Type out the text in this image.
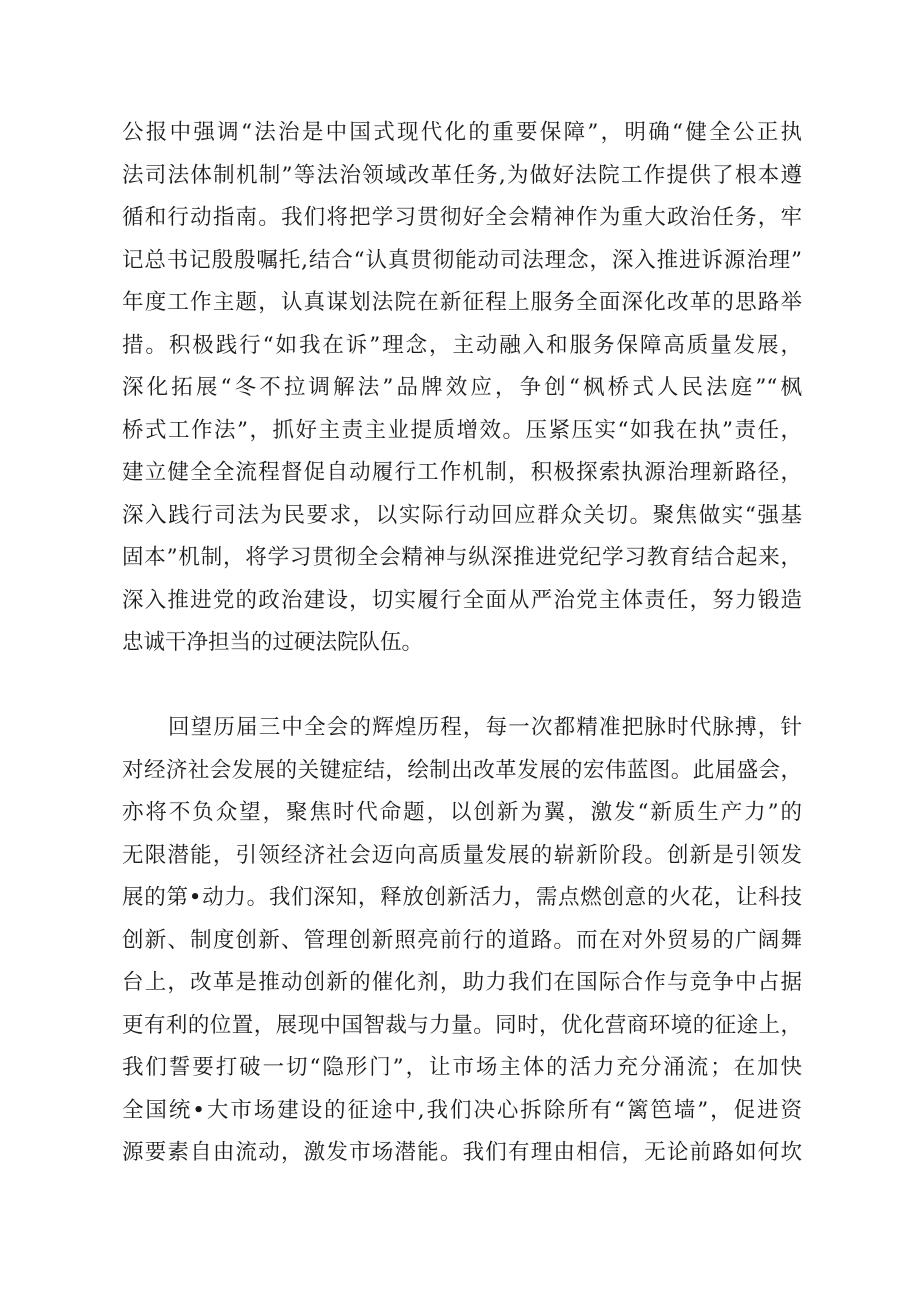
公报中强调“法治是中国式现代化的重要保障”，明确“健全公正执
法司法体制机制”等法治领域改革任务,为做好法院工作提供了根本遵
循和行动指南。我们将把学习贯彻好全会精神作为重大政治任务，牢
记总书记殷殷嘱托,结合“认真贯彻能动司法理念，深入推进诉源治理”
年度工作主题，认真谋划法院在新征程上服务全面深化改革的思路举
措。积极践行“如我在诉”理念，主动融入和服务保障高质量发展，
深化拓展“冬不拉调解法”品牌效应，争创“枫桥式人民法庭”“枫
桥式工作法”，抓好主责主业提质增效。压紧压实“如我在执”责任，
建立健全全流程督促自动履行工作机制，积极探索执源治理新路径，
深入践行司法为民要求，以实际行动回应群众关切。聚焦做实“强基
固本”机制，将学习贯彻全会精神与纵深推进党纪学习教育结合起来，
深入推进党的政治建设，切实履行全面从严治党主体责任，努力锻造
忠诚干净担当的过硬法院队伍。
回望历届三中全会的辉煌历程，每一次都精准把脉时代脉搏，针
对经济社会发展的关键症结，绘制出改革发展的宏伟蓝图。此届盛会，
亦将不负众望，聚焦时代命题，以创新为翼，激发“新质生产力”的
无限潜能，引领经济社会迈向高质量发展的崭新阶段。创新是引领发
展的第•动力。我们深知，释放创新活力，需点燃创意的火花，让科技
创新、制度创新、管理创新照亮前行的道路。而在对外贸易的广阔舞
台上，改革是推动创新的催化剂，助力我们在国际合作与竞争中占据
更有利的位置，展现中国智裁与力量。同时，优化营商环境的征途上，
我们誓要打破一切“隐形门”，让市场主体的活力充分涌流；在加快
全国统•大市场建设的征途中,我们决心拆除所有“篱笆墙”，促进资
源要素自由流动，激发市场潜能。我们有理由相信，无论前路如何坎
